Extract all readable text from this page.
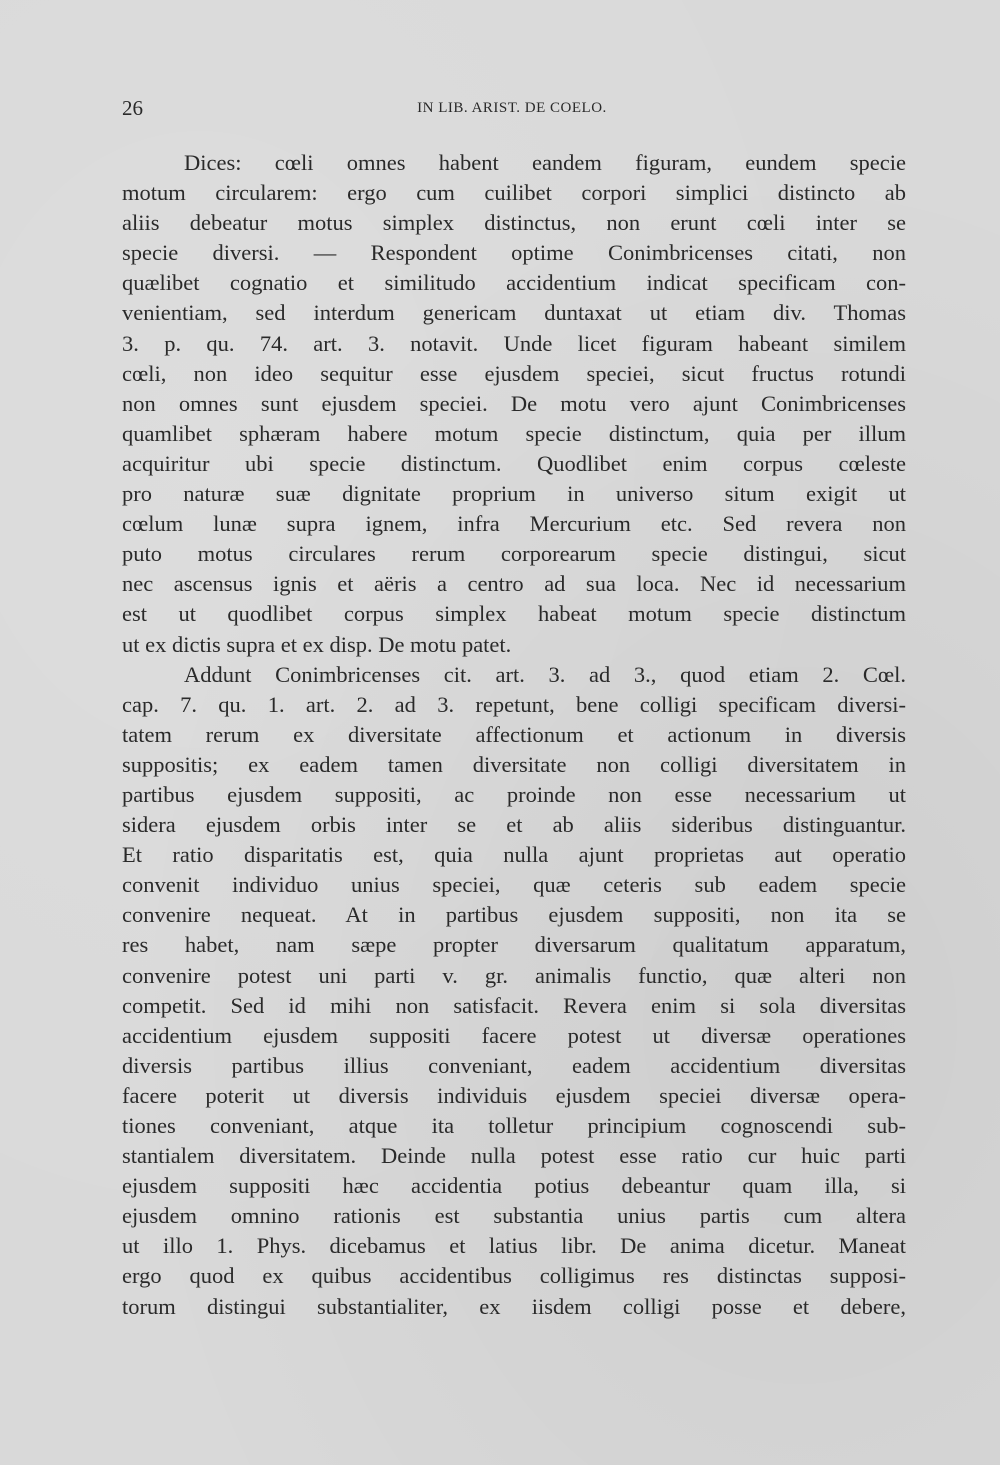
26	IN LIB. ARIST. DE COELO.
Dices: cœli omnes habent eandem figuram, eundem specie
motum circularem: ergo cum cuilibet corpori simplici distincto ab
aliis debeatur motus simplex distinctus, non erunt cœli inter se
specie diversi. — Respondent optime Conimbricenses citati, non
quælibet cognatio et similitudo accidentium indicat specificam con-
venientiam, sed interdum genericam duntaxat ut etiam div. Thomas
3. p. qu. 74. art. 3. notavit. Unde licet figuram habeant similem
cœli, non ideo sequitur esse ejusdem speciei, sicut fructus rotundi
non omnes sunt ejusdem speciei. De motu vero ajunt Conimbricenses
quamlibet sphæram habere motum specie distinctum, quia per illum
acquiritur ubi specie distinctum. Quodlibet enim corpus cœleste
pro naturæ suæ dignitate proprium in universo situm exigit ut
cœlum lunæ supra ignem, infra Mercurium etc. Sed revera non
puto motus circulares rerum corporearum specie distingui, sicut
nec ascensus ignis et aëris a centro ad sua loca. Nec id necessarium
est ut quodlibet corpus simplex habeat motum specie distinctum
ut ex dictis supra et ex disp. De motu patet.
Addunt Conimbricenses cit. art. 3. ad 3., quod etiam 2. Cœl.
cap. 7. qu. 1. art. 2. ad 3. repetunt, bene colligi specificam diversi-
tatem rerum ex diversitate affectionum et actionum in diversis
suppositis; ex eadem tamen diversitate non colligi diversitatem in
partibus ejusdem suppositi, ac proinde non esse necessarium ut
sidera ejusdem orbis inter se et ab aliis sideribus distinguantur.
Et ratio disparitatis est, quia nulla ajunt proprietas aut operatio
convenit individuo unius speciei, quæ ceteris sub eadem specie
convenire nequeat. At in partibus ejusdem suppositi, non ita se
res habet, nam sæpe propter diversarum qualitatum apparatum,
convenire potest uni parti v. gr. animalis functio, quæ alteri non
competit. Sed id mihi non satisfacit. Revera enim si sola diversitas
accidentium ejusdem suppositi facere potest ut diversæ operationes
diversis partibus illius conveniant, eadem accidentium diversitas
facere poterit ut diversis individuis ejusdem speciei diversæ opera-
tiones conveniant, atque ita tolletur principium cognoscendi sub-
stantialem diversitatem. Deinde nulla potest esse ratio cur huic parti
ejusdem suppositi hæc accidentia potius debeantur quam illa, si
ejusdem omnino rationis est substantia unius partis cum altera
ut illo 1. Phys. dicebamus et latius libr. De anima dicetur. Maneat
ergo quod ex quibus accidentibus colligimus res distinctas supposi-
torum distingui substantialiter, ex iisdem colligi posse et debere,
